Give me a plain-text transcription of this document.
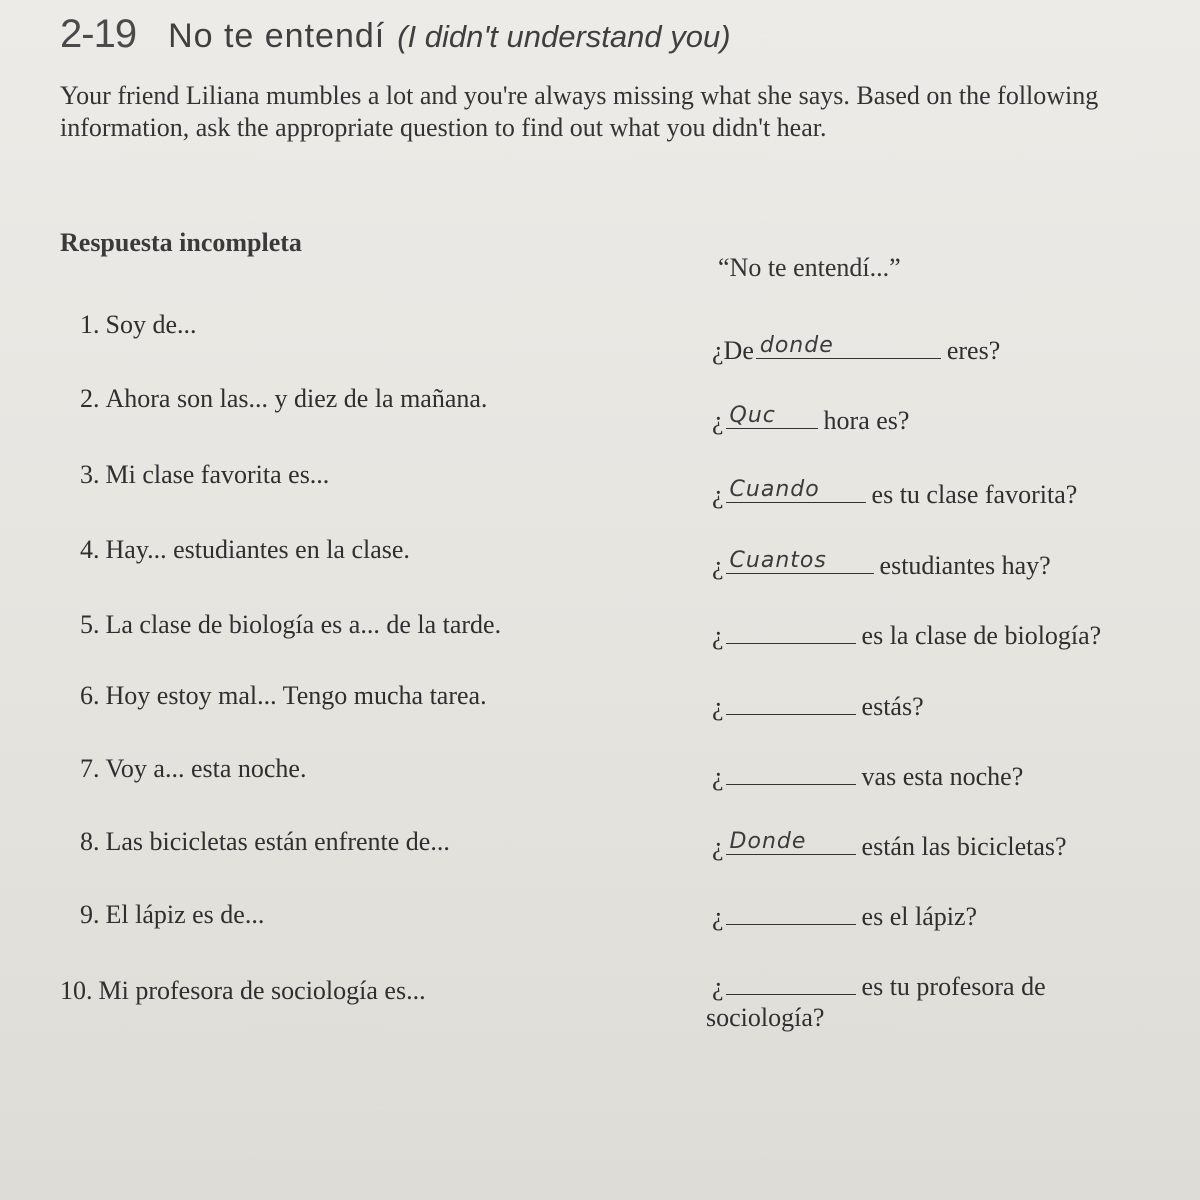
2-19 No te entendí (I didn't understand you)
Your friend Liliana mumbles a lot and you're always missing what she says. Based on the following information, ask the appropriate question to find out what you didn't hear.
Respuesta incompleta
“No te entendí...”
1. Soy de...
¿De donde	eres?
2. Ahora son las... y diez de la mañana.
¿ Quc hora es?
3. Mi clase favorita es...
¿ Cuando es tu clase favorita?
4. Hay... estudiantes en la clase.
¿ Cuantos estudiantes hay?
5. La clase de biología es a... de la tarde.	¿	es la clase de biología?
6. Hoy estoy mal... Tengo mucha tarea.	¿	estás?
7. Voy a... esta noche.	¿	vas esta noche?
8. Las bicicletas están enfrente de...	¿ Donde están las bicicletas?
9. El lápiz es de...	¿	es el lápiz?
10. Mi profesora de sociología es...	¿	es tu profesora de
sociología?
